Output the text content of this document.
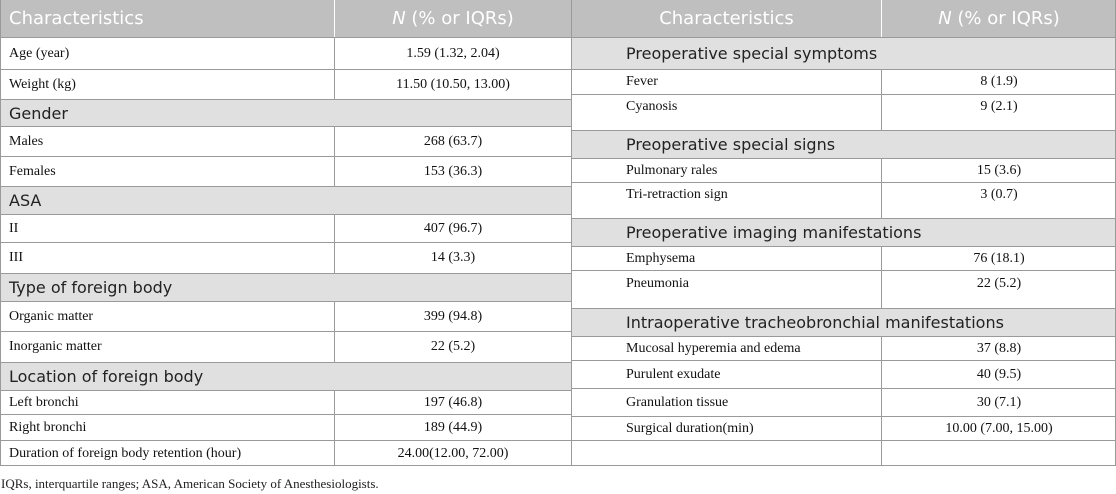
Characteristics	N (% or IQRs)
Age (year)	1.59 (1.32, 2.04)
Weight (kg)	11.50 (10.50, 13.00)
Gender
Males	268 (63.7)
Females	153 (36.3)
ASA
II	407 (96.7)
III	14 (3.3)
Type of foreign body
Organic matter	399 (94.8)
Inorganic matter	22 (5.2)
Location of foreign body
Left bronchi	197 (46.8)
Right bronchi	189 (44.9)
Duration of foreign body retention (hour)	24.00(12.00, 72.00)
Characteristics	N (% or IQRs)
Preoperative special symptoms
Fever	8 (1.9)
Cyanosis	9 (2.1)
Preoperative special signs
Pulmonary rales	15 (3.6)
Tri-retraction sign	3 (0.7)
Preoperative imaging manifestations
Emphysema	76 (18.1)
Pneumonia	22 (5.2)
Intraoperative tracheobronchial manifestations
Mucosal hyperemia and edema	37 (8.8)
Purulent exudate	40 (9.5)
Granulation tissue	30 (7.1)
Surgical duration(min)	10.00 (7.00, 15.00)
IQRs, interquartile ranges; ASA, American Society of Anesthesiologists.
